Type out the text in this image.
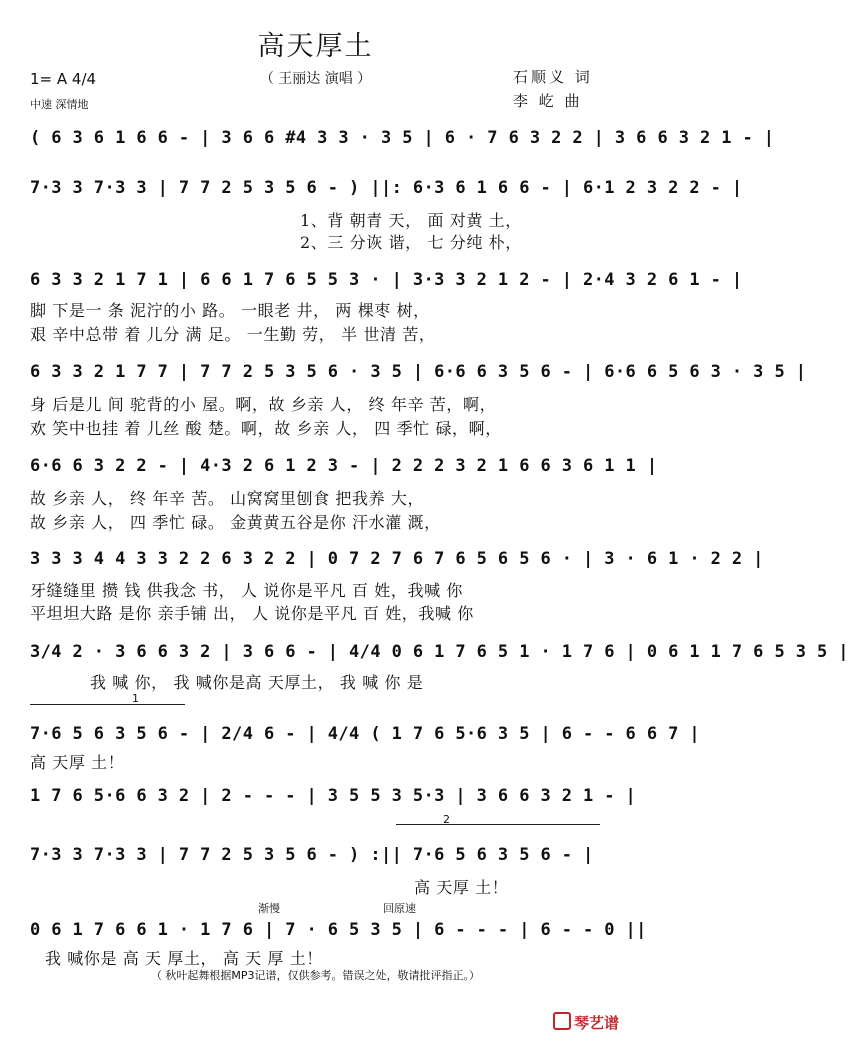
高天厚土
（ 王丽达 演唱 ）
1= A 4/4
中速 深情地
石顺义 词
李 屹 曲
( 6 3 6 1 6 6 - | 3 6 6 #4 3 3 · 3 5 | 6 · 7 6 3 2 2 | 3 6 6 3 2 1 - |
7·3 3 7·3 3 | 7 7 2 5 3 5 6 - ) ||: 6·3 6 1 6 6 - | 6·1 2 3 2 2 - |
1、背 朝青 天， 面 对黄 土，
2、三 分诙 谐， 七 分纯 朴，
6 3 3 2 1 7 1 | 6 6 1 7 6 5 5 3 · | 3·3 3 2 1 2 - | 2·4 3 2 6 1 - |
脚 下是一 条 泥泞的小 路。 一眼老 井， 两 棵枣 树，
艰 辛中总带 着 儿分 满 足。 一生勤 劳， 半 世清 苦，
6 3 3 2 1 7 7 | 7 7 2 5 3 5 6 · 3 5 | 6·6 6 3 5 6 - | 6·6 6 5 6 3 · 3 5 |
身 后是儿 间 驼背的小 屋。啊，故 乡亲 人， 终 年辛 苦，啊，
欢 笑中也挂 着 儿丝 酸 楚。啊，故 乡亲 人， 四 季忙 碌，啊，
6·6 6 3 2 2 - | 4·3 2 6 1 2 3 - | 2 2 2 3 2 1 6 6 3 6 1 1 |
故 乡亲 人， 终 年辛 苦。 山窝窝里刨食 把我养 大，
故 乡亲 人， 四 季忙 碌。 金黄黄五谷是你 汗水灌 溉，
3 3 3 4 4 3 3 2 2 6 3 2 2 | 0 7 2 7 6 7 6 5 6 5 6 · | 3 · 6 1 · 2 2 |
牙缝缝里 攒 钱 供我念 书， 人 说你是平凡 百 姓，我喊 你
平坦坦大路 是你 亲手铺 出， 人 说你是平凡 百 姓，我喊 你
3/4 2 · 3 6 6 3 2 | 3 6 6 - | 4/4 0 6 1 7 6 5 1 · 1 7 6 | 0 6 1 1 7 6 5 3 5 |
我 喊 你， 我 喊你是高 天厚土， 我 喊 你 是
1
7·6 5 6 3 5 6 - | 2/4 6 - | 4/4 ( 1 7 6 5·6 3 5 | 6 - - 6 6 7 |
高 天厚 土！
1 7 6 5·6 6 3 2 | 2 - - - | 3 5 5 3 5·3 | 3 6 6 3 2 1 - |
2
7·3 3 7·3 3 | 7 7 2 5 3 5 6 - ) :|| 7·6 5 6 3 5 6 - |
高 天厚 土！
渐慢	回原速
0 6 1 7 6 6 1 · 1 7 6 | 7 · 6 5 3 5 | 6 - - - | 6 - - 0 ||
我 喊你是 高 天 厚土， 高 天 厚 土！
（ 秋叶起舞根据MP3记谱，仅供参考。错误之处，敬请批评指正。）
琴艺谱
